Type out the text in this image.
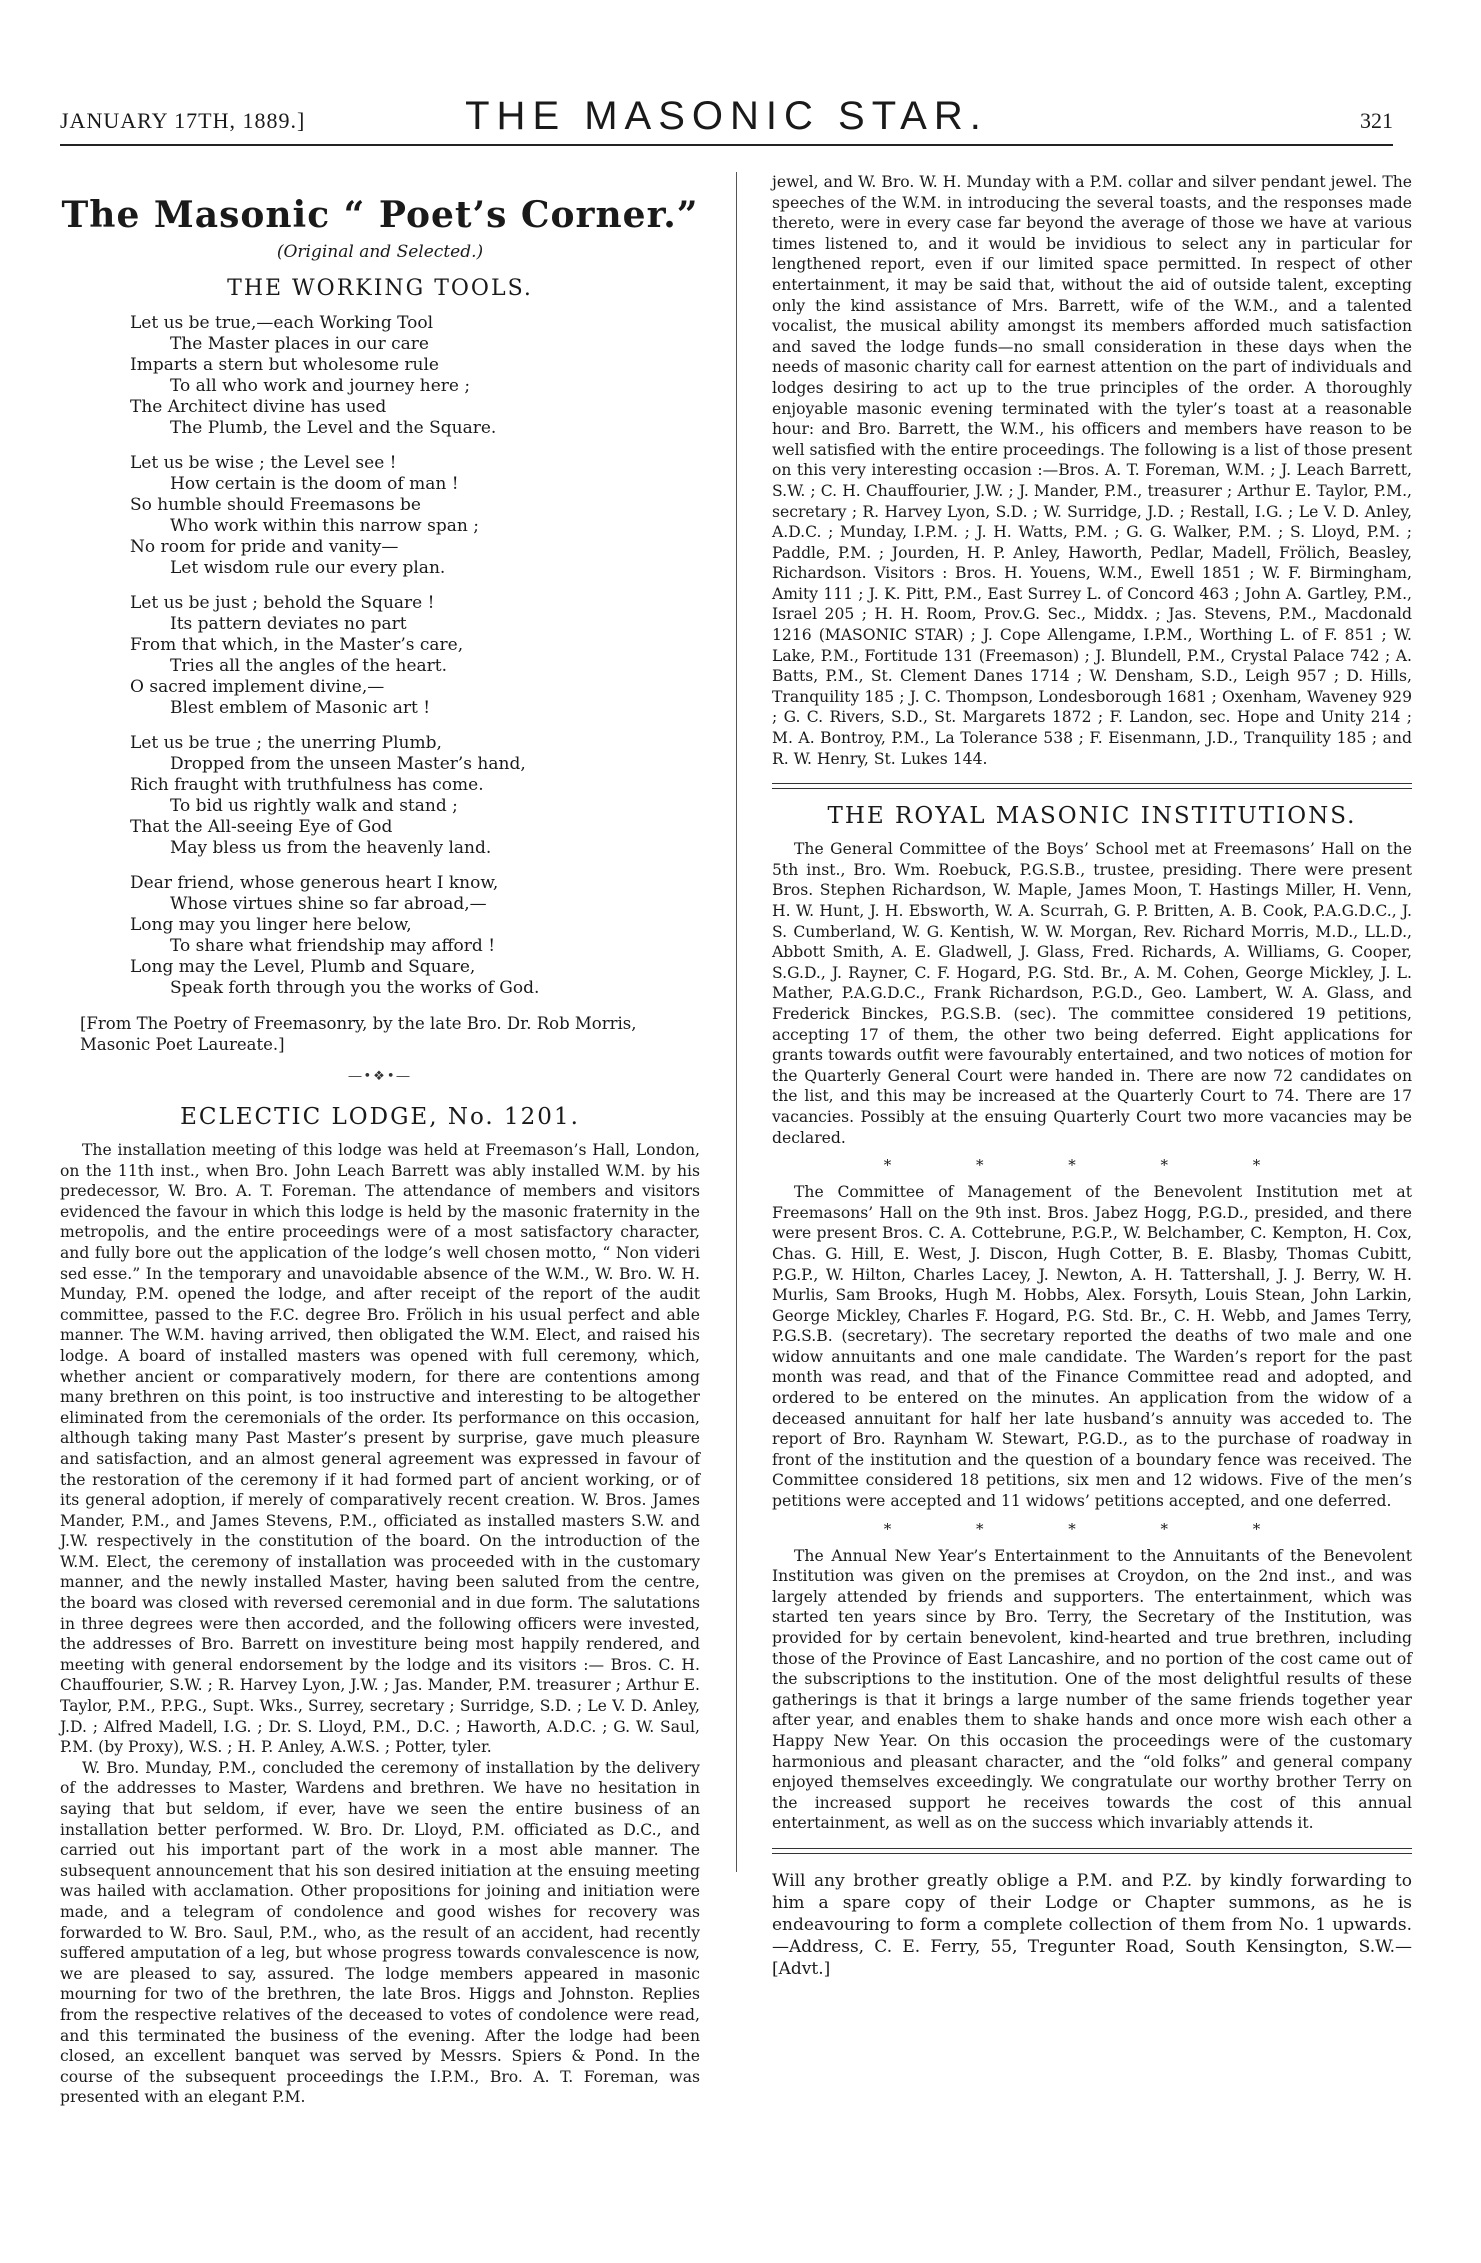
JANUARY 17TH, 1889.]	THE MASONIC STAR.	321
The Masonic “ Poet’s Corner.”
(Original and Selected.)
THE WORKING TOOLS.
Let us be true,—each Working Tool
The Master places in our care
Imparts a stern but wholesome rule
To all who work and journey here ;
The Architect divine has used
The Plumb, the Level and the Square.
Let us be wise ; the Level see !
How certain is the doom of man !
So humble should Freemasons be
Who work within this narrow span ;
No room for pride and vanity—
Let wisdom rule our every plan.
Let us be just ; behold the Square !
Its pattern deviates no part
From that which, in the Master’s care,
Tries all the angles of the heart.
O sacred implement divine,—
Blest emblem of Masonic art !
Let us be true ; the unerring Plumb,
Dropped from the unseen Master’s hand,
Rich fraught with truthfulness has come.
To bid us rightly walk and stand ;
That the All-seeing Eye of God
May bless us from the heavenly land.
Dear friend, whose generous heart I know,
Whose virtues shine so far abroad,—
Long may you linger here below,
To share what friendship may afford !
Long may the Level, Plumb and Square,
Speak forth through you the works of God.
[From The Poetry of Freemasonry, by the late Bro. Dr. Rob Morris, Masonic Poet Laureate.]
―•❖•―
ECLECTIC LODGE, No. 1201.

The installation meeting of this lodge was held at Freemason’s Hall, London, on the 11th inst., when Bro. John Leach Barrett was ably installed W.M. by his predecessor, W. Bro. A. T. Foreman. The attendance of members and visitors evidenced the favour in which this lodge is held by the masonic fraternity in the metropolis, and the entire proceedings were of a most satisfactory character, and fully bore out the application of the lodge’s well chosen motto, “ Non videri sed esse.” In the temporary and unavoidable absence of the W.M., W. Bro. W. H. Munday, P.M. opened the lodge, and after receipt of the report of the audit committee, passed to the F.C. degree Bro. Frölich in his usual perfect and able manner. The W.M. having arrived, then obligated the W.M. Elect, and raised his lodge. A board of installed masters was opened with full ceremony, which, whether ancient or comparatively modern, for there are contentions among many brethren on this point, is too instructive and interesting to be altogether eliminated from the ceremonials of the order. Its performance on this occasion, although taking many Past Master’s present by surprise, gave much pleasure and satisfaction, and an almost general agreement was expressed in favour of the restoration of the ceremony if it had formed part of ancient working, or of its general adoption, if merely of comparatively recent creation. W. Bros. James Mander, P.M., and James Stevens, P.M., officiated as installed masters S.W. and J.W. respectively in the constitution of the board. On the introduction of the W.M. Elect, the ceremony of installation was proceeded with in the customary manner, and the newly installed Master, having been saluted from the centre, the board was closed with reversed ceremonial and in due form. The salutations in three degrees were then accorded, and the following officers were invested, the addresses of Bro. Barrett on investiture being most happily rendered, and meeting with general endorsement by the lodge and its visitors :— Bros. C. H. Chauffourier, S.W. ; R. Harvey Lyon, J.W. ; Jas. Mander, P.M. treasurer ; Arthur E. Taylor, P.M., P.P.G., Supt. Wks., Surrey, secretary ; Surridge, S.D. ; Le V. D. Anley, J.D. ; Alfred Madell, I.G. ; Dr. S. Lloyd, P.M., D.C. ; Haworth, A.D.C. ; G. W. Saul, P.M. (by Proxy), W.S. ; H. P. Anley, A.W.S. ; Potter, tyler.

W. Bro. Munday, P.M., concluded the ceremony of installation by the delivery of the addresses to Master, Wardens and brethren. We have no hesitation in saying that but seldom, if ever, have we seen the entire business of an installation better performed. W. Bro. Dr. Lloyd, P.M. officiated as D.C., and carried out his important part of the work in a most able manner. The subsequent announcement that his son desired initiation at the ensuing meeting was hailed with acclamation. Other propositions for joining and initiation were made, and a telegram of condolence and good wishes for recovery was forwarded to W. Bro. Saul, P.M., who, as the result of an accident, had recently suffered amputation of a leg, but whose progress towards convalescence is now, we are pleased to say, assured. The lodge members appeared in masonic mourning for two of the brethren, the late Bros. Higgs and Johnston. Replies from the respective relatives of the deceased to votes of condolence were read, and this terminated the business of the evening. After the lodge had been closed, an excellent banquet was served by Messrs. Spiers & Pond. In the course of the subsequent proceedings the I.P.M., Bro. A. T. Foreman, was presented with an elegant P.M.

jewel, and W. Bro. W. H. Munday with a P.M. collar and silver pendant jewel. The speeches of the W.M. in introducing the several toasts, and the responses made thereto, were in every case far beyond the average of those we have at various times listened to, and it would be invidious to select any in particular for lengthened report, even if our limited space permitted. In respect of other entertainment, it may be said that, without the aid of outside talent, excepting only the kind assistance of Mrs. Barrett, wife of the W.M., and a talented vocalist, the musical ability amongst its members afforded much satisfaction and saved the lodge funds—no small consideration in these days when the needs of masonic charity call for earnest attention on the part of individuals and lodges desiring to act up to the true principles of the order. A thoroughly enjoyable masonic evening terminated with the tyler’s toast at a reasonable hour: and Bro. Barrett, the W.M., his officers and members have reason to be well satisfied with the entire proceedings. The following is a list of those present on this very interesting occasion :—Bros. A. T. Foreman, W.M. ; J. Leach Barrett, S.W. ; C. H. Chauffourier, J.W. ; J. Mander, P.M., treasurer ; Arthur E. Taylor, P.M., secretary ; R. Harvey Lyon, S.D. ; W. Surridge, J.D. ; Restall, I.G. ; Le V. D. Anley, A.D.C. ; Munday, I.P.M. ; J. H. Watts, P.M. ; G. G. Walker, P.M. ; S. Lloyd, P.M. ; Paddle, P.M. ; Jourden, H. P. Anley, Haworth, Pedlar, Madell, Frölich, Beasley, Richardson. Visitors : Bros. H. Youens, W.M., Ewell 1851 ; W. F. Birmingham, Amity 111 ; J. K. Pitt, P.M., East Surrey L. of Concord 463 ; John A. Gartley, P.M., Israel 205 ; H. H. Room, Prov.G. Sec., Middx. ; Jas. Stevens, P.M., Macdonald 1216 (MASONIC STAR) ; J. Cope Allengame, I.P.M., Worthing L. of F. 851 ; W. Lake, P.M., Fortitude 131 (Freemason) ; J. Blundell, P.M., Crystal Palace 742 ; A. Batts, P.M., St. Clement Danes 1714 ; W. Densham, S.D., Leigh 957 ; D. Hills, Tranquility 185 ; J. C. Thompson, Londesborough 1681 ; Oxenham, Waveney 929 ; G. C. Rivers, S.D., St. Margarets 1872 ; F. Landon, sec. Hope and Unity 214 ; M. A. Bontroy, P.M., La Tolerance 538 ; F. Eisenmann, J.D., Tranquility 185 ; and R. W. Henry, St. Lukes 144.

THE ROYAL MASONIC INSTITUTIONS.

The General Committee of the Boys’ School met at Freemasons’ Hall on the 5th inst., Bro. Wm. Roebuck, P.G.S.B., trustee, presiding. There were present Bros. Stephen Richardson, W. Maple, James Moon, T. Hastings Miller, H. Venn, H. W. Hunt, J. H. Ebsworth, W. A. Scurrah, G. P. Britten, A. B. Cook, P.A.G.D.C., J. S. Cumberland, W. G. Kentish, W. W. Morgan, Rev. Richard Morris, M.D., LL.D., Abbott Smith, A. E. Gladwell, J. Glass, Fred. Richards, A. Williams, G. Cooper, S.G.D., J. Rayner, C. F. Hogard, P.G. Std. Br., A. M. Cohen, George Mickley, J. L. Mather, P.A.G.D.C., Frank Richardson, P.G.D., Geo. Lambert, W. A. Glass, and Frederick Binckes, P.G.S.B. (sec). The committee considered 19 petitions, accepting 17 of them, the other two being deferred. Eight applications for grants towards outfit were favourably entertained, and two notices of motion for the Quarterly General Court were handed in. There are now 72 candidates on the list, and this may be increased at the Quarterly Court to 74. There are 17 vacancies. Possibly at the ensuing Quarterly Court two more vacancies may be declared.

* * * * *

The Committee of Management of the Benevolent Institution met at Freemasons’ Hall on the 9th inst. Bros. Jabez Hogg, P.G.D., presided, and there were present Bros. C. A. Cottebrune, P.G.P., W. Belchamber, C. Kempton, H. Cox, Chas. G. Hill, E. West, J. Discon, Hugh Cotter, B. E. Blasby, Thomas Cubitt, P.G.P., W. Hilton, Charles Lacey, J. Newton, A. H. Tattershall, J. J. Berry, W. H. Murlis, Sam Brooks, Hugh M. Hobbs, Alex. Forsyth, Louis Stean, John Larkin, George Mickley, Charles F. Hogard, P.G. Std. Br., C. H. Webb, and James Terry, P.G.S.B. (secretary). The secretary reported the deaths of two male and one widow annuitants and one male candidate. The Warden’s report for the past month was read, and that of the Finance Committee read and adopted, and ordered to be entered on the minutes. An application from the widow of a deceased annuitant for half her late husband’s annuity was acceded to. The report of Bro. Raynham W. Stewart, P.G.D., as to the purchase of roadway in front of the institution and the question of a boundary fence was received. The Committee considered 18 petitions, six men and 12 widows. Five of the men’s petitions were accepted and 11 widows’ petitions accepted, and one deferred.

* * * * *

The Annual New Year’s Entertainment to the Annuitants of the Benevolent Institution was given on the premises at Croydon, on the 2nd inst., and was largely attended by friends and supporters. The entertainment, which was started ten years since by Bro. Terry, the Secretary of the Institution, was provided for by certain benevolent, kind-hearted and true brethren, including those of the Province of East Lancashire, and no portion of the cost came out of the subscriptions to the institution. One of the most delightful results of these gatherings is that it brings a large number of the same friends together year after year, and enables them to shake hands and once more wish each other a Happy New Year. On this occasion the proceedings were of the customary harmonious and pleasant character, and the “old folks” and general company enjoyed themselves exceedingly. We congratulate our worthy brother Terry on the increased support he receives towards the cost of this annual entertainment, as well as on the success which invariably attends it.

Will any brother greatly oblige a P.M. and P.Z. by kindly forwarding to him a spare copy of their Lodge or Chapter summons, as he is endeavouring to form a complete collection of them from No. 1 upwards.—Address, C. E. Ferry, 55, Tregunter Road, South Kensington, S.W.—[Advt.]
